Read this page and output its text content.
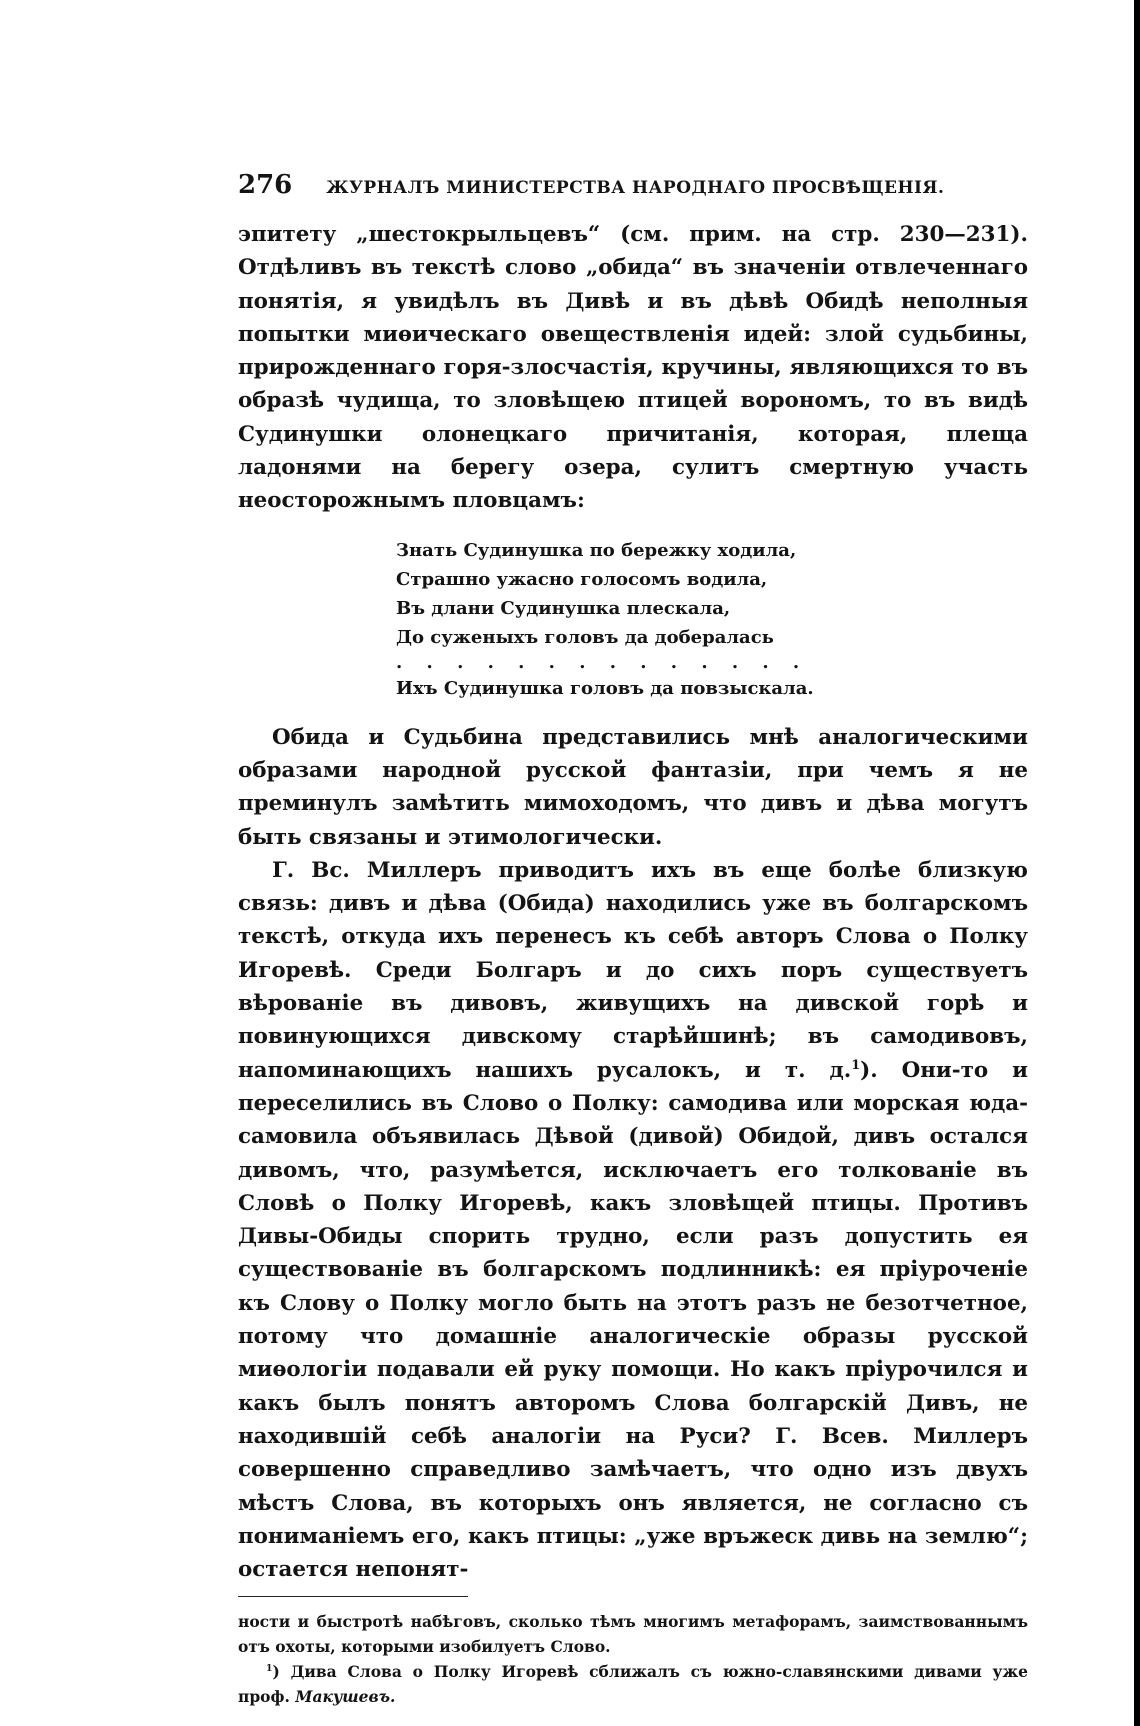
276 ЖУРНАЛЪ МИНИСТЕРСТВА НАРОДНАГО ПРОСВѢЩЕНІЯ.

эпитету „шестокрыльцевъ“ (см. прим. на стр. 230—231). Отдѣливъ въ текстѣ слово „обида“ въ значеніи отвлеченнаго понятія, я увидѣлъ въ Дивѣ и въ дѣвѣ Обидѣ неполныя попытки миѳическаго овеществленія идей: злой судьбины, прирожденнаго горя-злосчастія, кручины, являющихся то въ образѣ чудища, то зловѣщею птицей ворономъ, то въ видѣ Судинушки олонецкаго причитанія, которая, плеща ладонями на берегу озера, сулитъ смертную участь неосторожнымъ пловцамъ:

Знать Судинушка по бережку ходила,
Страшно ужасно голосомъ водила,
Въ длани Судинушка плескала,
До суженыхъ головъ да добералась
. . . . . . . . . . . . . .
Ихъ Судинушка головъ да повзыскала.

Обида и Судьбина представились мнѣ аналогическими образами народной русской фантазіи, при чемъ я не преминулъ замѣтить мимоходомъ, что дивъ и дѣва могутъ быть связаны и этимологически.

Г. Вс. Миллеръ приводитъ ихъ въ еще болѣе близкую связь: дивъ и дѣва (Обида) находились уже въ болгарскомъ текстѣ, откуда ихъ перенесъ къ себѣ авторъ Слова о Полку Игоревѣ. Среди Болгаръ и до сихъ поръ существуетъ вѣрованіе въ дивовъ, живущихъ на дивской горѣ и повинующихся дивскому старѣйшинѣ; въ самодивовъ, напоминающихъ нашихъ русалокъ, и т. д.$^1$). Они-то и переселились въ Слово о Полку: самодива или морская юда-самовила объявилась Дѣвой (дивой) Обидой, дивъ остался дивомъ, что, разумѣется, исключаетъ его толкованіе въ Словѣ о Полку Игоревѣ, какъ зловѣщей птицы. Противъ Дивы-Обиды спорить трудно, если разъ допустить ея существованіе въ болгарскомъ подлинникѣ: ея пріуроченіе къ Слову о Полку могло быть на этотъ разъ не безотчетное, потому что домашніе аналогическіе образы русской миѳологіи подавали ей руку помощи. Но какъ пріурочился и какъ былъ понятъ авторомъ Слова болгарскій Дивъ, не находившій себѣ аналогіи на Руси? Г. Всев. Миллеръ совершенно справедливо замѣчаетъ, что одно изъ двухъ мѣстъ Слова, въ которыхъ онъ является, не согласно съ пониманіемъ его, какъ птицы: „уже връжеск дивь на землю“; остается непонят-

ности и быстротѣ набѣговъ, сколько тѣмъ многимъ метафорамъ, заимствованнымъ отъ охоты, которыми изобилуетъ Слово.

$^1$) Дива Слова о Полку Игоревѣ сближалъ съ южно-славянскими дивами уже проф. Макушевъ.
